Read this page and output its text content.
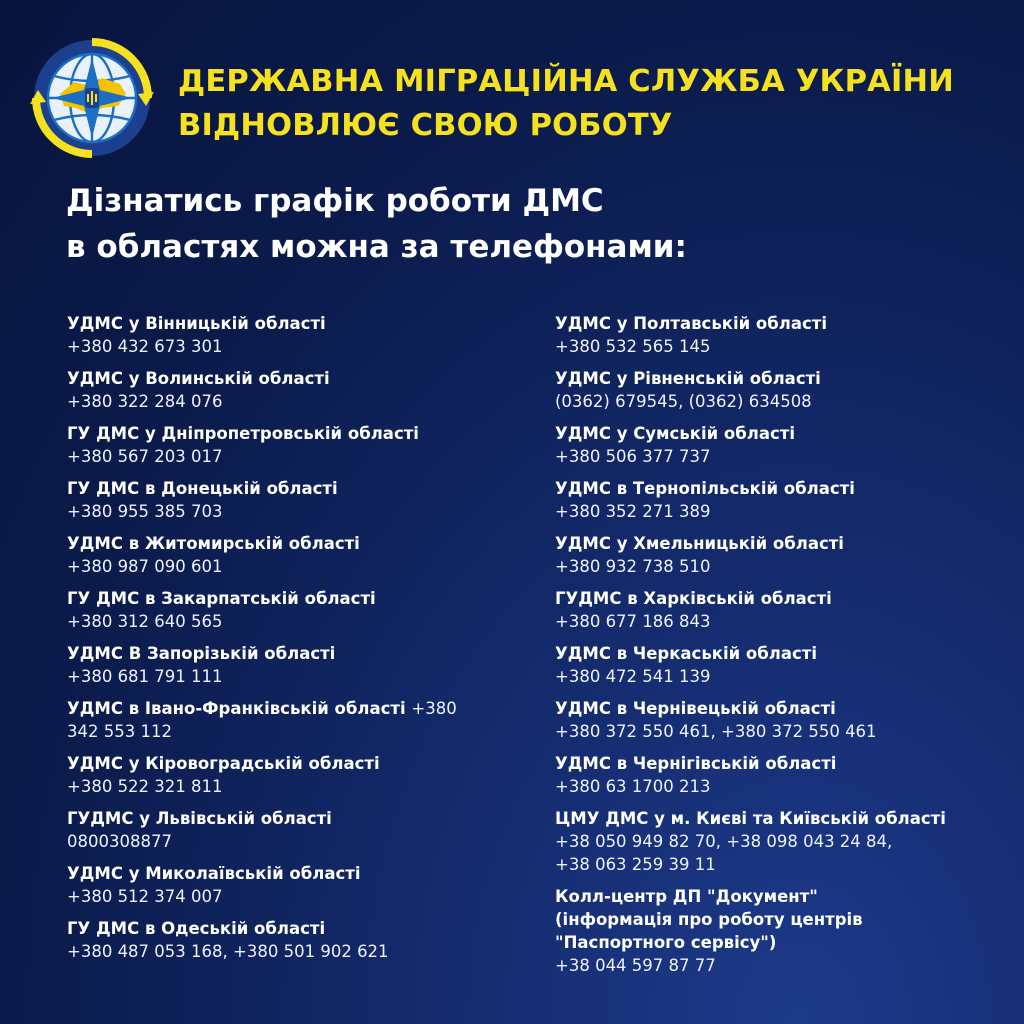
ДЕРЖАВНА МІГРАЦІЙНА СЛУЖБА УКРАЇНИ
ВІДНОВЛЮЄ СВОЮ РОБОТУ
Дізнатись графік роботи ДМС
в областях можна за телефонами:
УДМС у Вінницькій області
+380 432 673 301
УДМС у Волинській області
+380 322 284 076
ГУ ДМС у Дніпропетровській області
+380 567 203 017
ГУ ДМС в Донецькій області
+380 955 385 703
УДМС в Житомирській області
+380 987 090 601
ГУ ДМС в Закарпатській області
+380 312 640 565
УДМС В Запорізькій області
+380 681 791 111
УДМС в Івано-Франківській області +380
342 553 112
УДМС у Кіровоградській області
+380 522 321 811
ГУДМС у Львівській області
0800308877
УДМС у Миколаївській області
+380 512 374 007
ГУ ДМС в Одеській області
+380 487 053 168, +380 501 902 621
УДМС у Полтавській області
+380 532 565 145
УДМС у Рівненській області
(0362) 679545, (0362) 634508
УДМС у Сумській області
+380 506 377 737
УДМС в Тернопільській області
+380 352 271 389
УДМС у Хмельницькій області
+380 932 738 510
ГУДМС в Харківській області
+380 677 186 843
УДМС в Черкаській області
+380 472 541 139
УДМС в Чернівецькій області
+380 372 550 461, +380 372 550 461
УДМС в Чернігівській області
+380 63 1700 213
ЦМУ ДМС у м. Києві та Київській області
+38 050 949 82 70, +38 098 043 24 84,
+38 063 259 39 11
Колл-центр ДП "Документ"
(інформація про роботу центрів
"Паспортного сервісу")
+38 044 597 87 77
